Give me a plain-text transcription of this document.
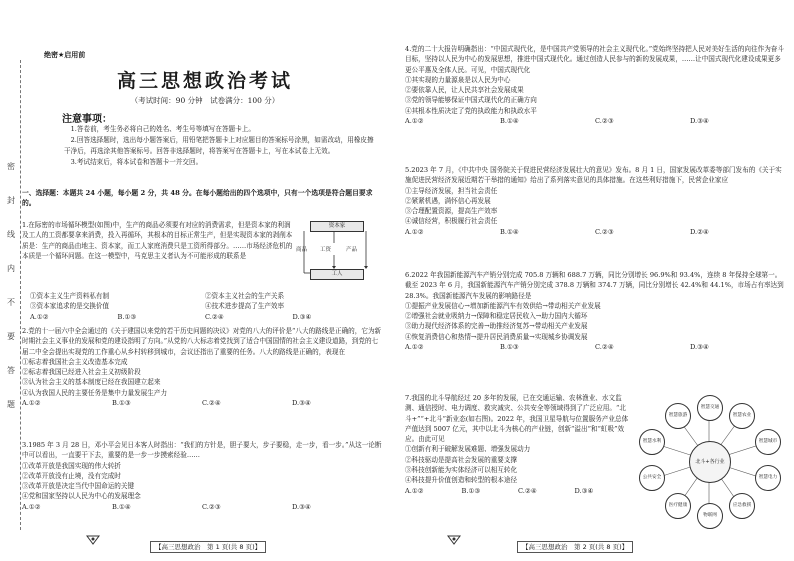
密
封
线
内
不
要
答
题
绝密★启用前
高三思想政治考试
（考试时间：90 分钟　试卷满分：100 分）
注意事项：

1.答卷前，考生务必将自己的姓名、考生号等填写在答题卡上。

2.回答选择题时，选出每小题答案后，用铅笔把答题卡上对应题目的答案标号涂黑，如需改动，用橡皮擦干净后，再选涂其他答案标号。回答非选择题时，将答案写在答题卡上，写在本试卷上无效。

3.考试结束后，将本试卷和答题卡一并交回。

一、选择题：本题共 24 小题，每小题 2 分，共 48 分。在每小题给出的四个选项中，只有一个选项是符合题目要求的。

1.在际密的市场循环模型(如图)中，生产的商品必须要有对应的消费需求，但是资本家的利润及工人的工资都要拿来消费，投入再循环，其根本的目标正常生产，但是实现资本家的剥削本质是：生产的商品由地主、资本家，而工人家庭消费只是工资所得部分。……市场经济危机的本质是一个循环问题。在这一模型中，马克思主义者认为不可能形成的联系是

①资本主义生产资料私有制	②资本主义社会的生产关系
③资本家追求的是交换价值	④技术进步提高了生产效率
A.①②	B.①③	C.②④	D.③④
资本家
工人
商品 工资	产品

2.党的十一届六中全会通过的《关于建国以来党的若干历史问题的决议》对党的八大的评价是“八大的路线是正确的，它为新时期社会主义事业的发展和党的建设指明了方向。”从党的八大标志着党找到了适合中国国情的社会主义建设道路，到党的七届二中全会提出实现党的工作重心从乡村转移到城市，会议还指出了重要的任务。八大的路线是正确的，表现在

①标志着我国社会主义改造基本完成

②标志着我国已经进入社会主义初级阶段

③认为社会主义的基本制度已经在我国建立起来

④认为我国人民的主要任务是集中力量发展生产力

A.①②	B.①③	C.②④	D.③④

3.1985 年 3 月 28 日，邓小平会见日本客人时指出：“我们的方针是，胆子要大，步子要稳，走一步，看一步。”从这一论断中可以看出，一直要干下去，重要的是一步一步摸索经验……

①改革开放是我国实现的伟大转折

②改革开放没有止境，没有完成时

③改革开放是决定当代中国命运的关键

④党和国家坚持以人民为中心的发展理念

A.①②	B.①④	C.②③	D.③④
【高三思想政治　第 1 页(共 8 页)】

4.党的二十大报告明确指出：“中国式现代化，是中国共产党领导的社会主义现代化。”党始终坚持把人民对美好生活的向往作为奋斗目标，坚持以人民为中心的发展思想，推进中国式现代化。通过创造人民参与的新的发展成果，……让中国式现代化建设成果更多更公平惠及全体人民。可见，中国式现代化

①其实现的力量源泉是以人民为中心

②要依靠人民，让人民共享社会发展成果

③党的领导能够保证中国式现代化的正确方向

④其根本性质决定了党的执政能力和执政水平

A.①②	B.①④	C.②③	D.③④

5.2023 年 7 月，《中共中央 国务院关于促进民营经济发展壮大的意见》发布。8 月 1 日，国家发展改革委等部门发布的《关于实施促进民营经济发展近期若干举措的通知》给出了系列落实意见的具体措施。在这些利好措施下，民营企业家应

①主导经济发展，担当社会责任

②紧紧机遇，满怀信心再发展

③合理配置资源，提高生产效率

④诚信经营，积极履行社会责任

A.①②	B.①④	C.②③	D.②④

6.2022 年我国新能源汽车产销分别完成 705.8 万辆和 688.7 万辆，同比分别增长 96.9%和 93.4%，连续 8 年保持全球第一。截至 2023 年 6 月，我国新能源汽车产销分别完成 378.8 万辆和 374.7 万辆，同比分别增长 42.4%和 44.1%，市场占有率达到 28.3%。我国新能源汽车发展的影响路径是

①提振产业发展信心→增加新能源汽车有效供给→带动相关产业发展

②增强社会就业吸纳力→保障和稳定居民收入→助力国内大循环

③助力现代经济体系的完善→助推经济复苏→带动相关产业发展

④恢复消费信心和热情→提升居民消费质量→实现城乡协调发展

A.①②	B.①③	C.②④	D.③④

7.我国的北斗导航经过 20 多年的发展，已在交通运输、农林渔业、水文监测、通信授时、电力调度、救灾减灾、公共安全等领域得到了广泛应用。“北斗+”“+北斗”新业态(如右图)。2022 年，我国卫星导航与位置服务产业总体产值达到 5007 亿元，其中以北斗为核心的产业链，创新“溢出”和“虹吸”效应。由此可见

①创新有利于破解发展难题、增强发展动力

②科技驱动是提高社会发展的重要支撑

③科技创新能为实体经济可以相互转化

④科技提升价值创造和转型的根本途径

A.①②	B.①③	C.②④	D.③④
北斗+各行业
智慧交通
智慧农业
智慧城市
智慧电力
应急救援
物联网
医疗健康
公共安全
智慧水利
智慧旅游
【高三思想政治　第 2 页(共 8 页)】
